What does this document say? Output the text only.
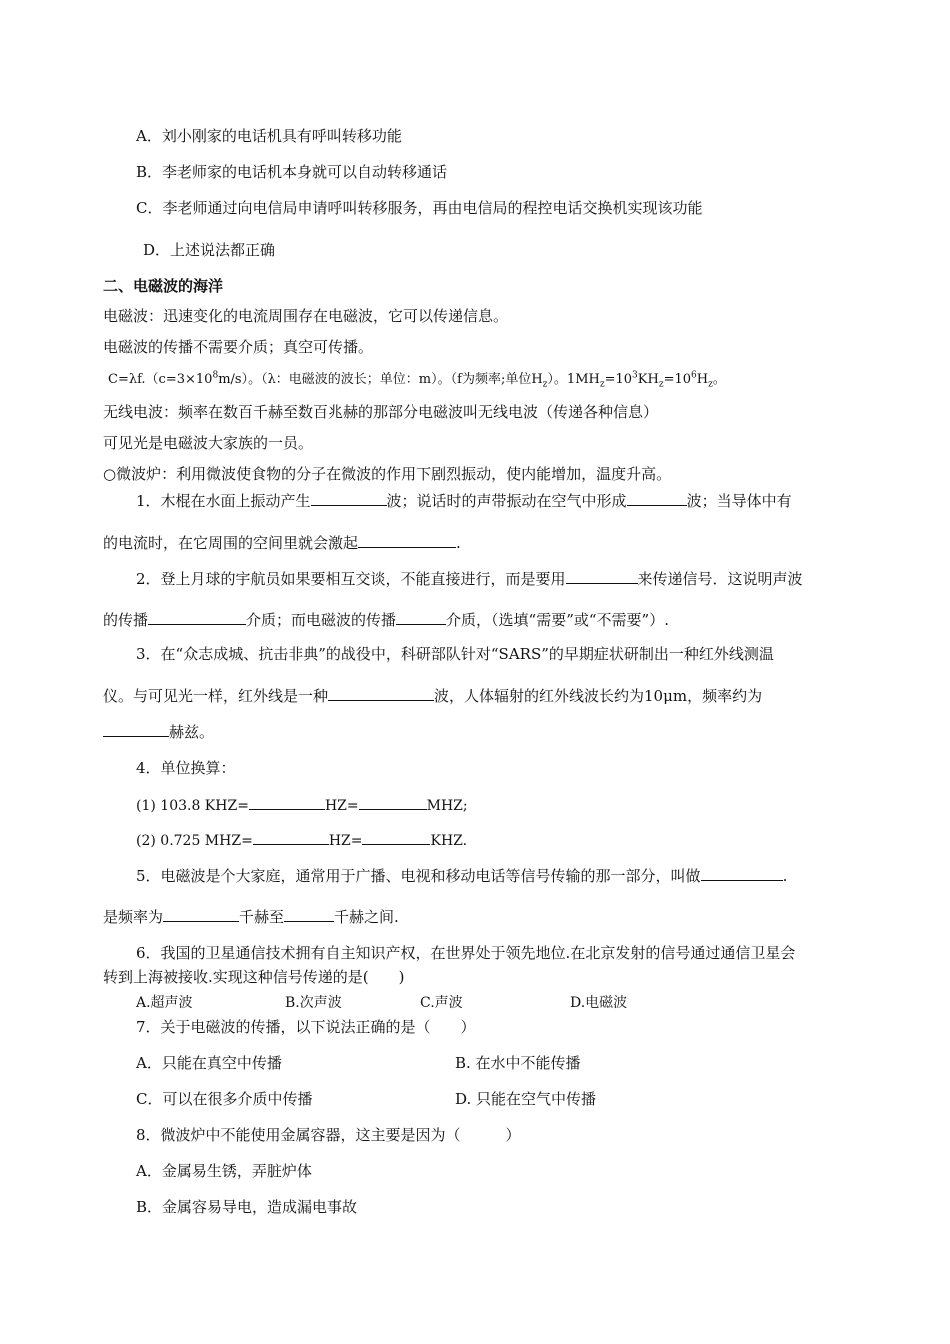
A．刘小刚家的电话机具有呼叫转移功能
B．李老师家的电话机本身就可以自动转移通话
C．李老师通过向电信局申请呼叫转移服务，再由电信局的程控电话交换机实现该功能
D．上述说法都正确
二、电磁波的海洋
电磁波：迅速变化的电流周围存在电磁波，它可以传递信息。
电磁波的传播不需要介质；真空可传播。
$C=\lambda f.(c=3\times 10^8m/s)$。（λ：电磁波的波长；单位：m）。（f为频率;单位$H_z$）。$1MH_z=10^3KH_z=10^6H_z$。
无线电波：频率在数百千赫至数百兆赫的那部分电磁波叫无线电波（传递各种信息）
可见光是电磁波大家族的一员。
○微波炉：利用微波使食物的分子在微波的作用下剧烈振动，使内能增加，温度升高。
1．木棍在水面上振动产生	波；说话时的声带振动在空气中形成	波；当导体中有
的电流时，在它周围的空间里就会激起	.
2．登上月球的宇航员如果要相互交谈，不能直接进行，而是要用	来传递信号．这说明声波
的传播	介质；而电磁波的传播	介质，（选填“需要”或“不需要”）.
3．在“众志成城、抗击非典”的战役中，科研部队针对“SARS”的早期症状研制出一种红外线测温
仪。与可见光一样，红外线是一种	波，人体辐射的红外线波长约为10μm，频率约为
赫兹。
4．单位换算：
(1) 103.8 KHZ=	HZ=	MHZ;
(2) 0.725 MHZ=	HZ=	KHZ.
5．电磁波是个大家庭，通常用于广播、电视和移动电话等信号传输的那一部分，叫做	.
是频率为	千赫至	千赫之间.
6．我国的卫星通信技术拥有自主知识产权，在世界处于领先地位.在北京发射的信号通过通信卫星会
转到上海被接收.实现这种信号传递的是(　　)
A.超声波	B.次声波	C.声波	D.电磁波
7．关于电磁波的传播，以下说法正确的是（　　）
A．只能在真空中传播	B. 在水中不能传播
C．可以在很多介质中传播	D. 只能在空气中传播
8．微波炉中不能使用金属容器，这主要是因为（　　　）
A．金属易生锈，弄脏炉体
B．金属容易导电，造成漏电事故
